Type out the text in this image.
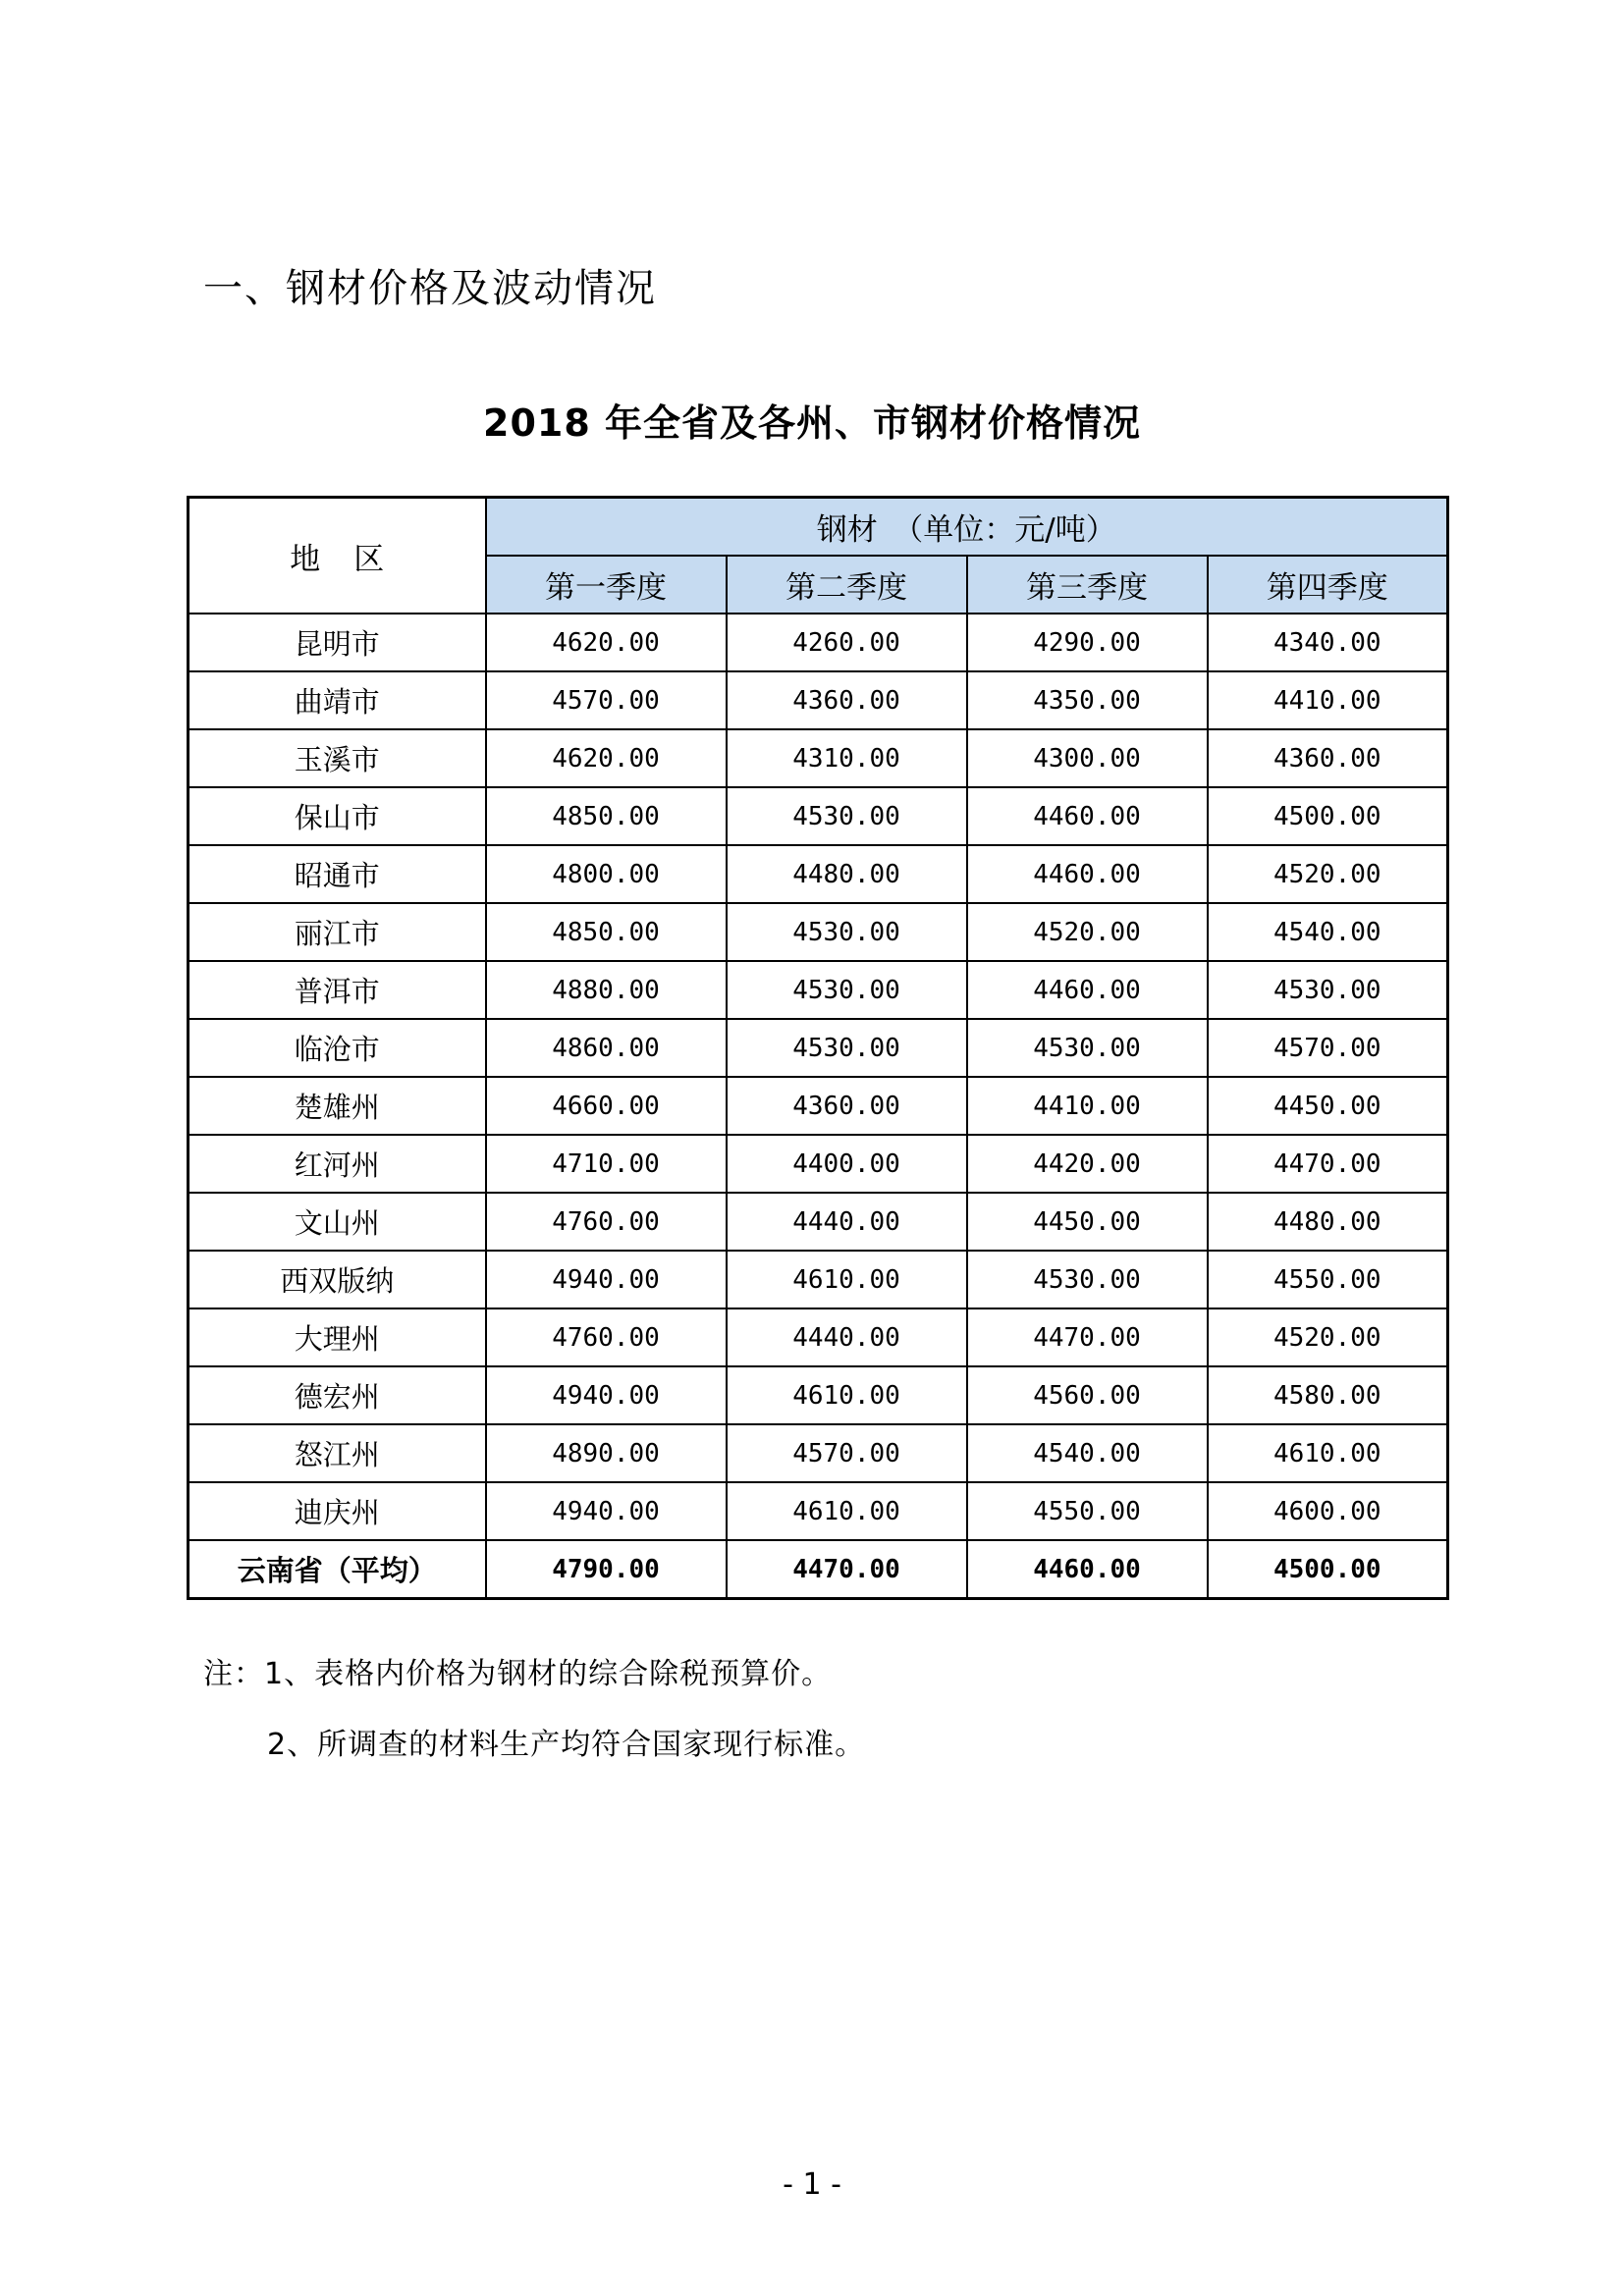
一、钢材价格及波动情况
2018 年全省及各州、市钢材价格情况
地区	钢材　（单位：元/吨）			
	第一季度	第二季度	第三季度	第四季度
昆明市	4620.00	4260.00	4290.00	4340.00
曲靖市	4570.00	4360.00	4350.00	4410.00
玉溪市	4620.00	4310.00	4300.00	4360.00
保山市	4850.00	4530.00	4460.00	4500.00
昭通市	4800.00	4480.00	4460.00	4520.00
丽江市	4850.00	4530.00	4520.00	4540.00
普洱市	4880.00	4530.00	4460.00	4530.00
临沧市	4860.00	4530.00	4530.00	4570.00
楚雄州	4660.00	4360.00	4410.00	4450.00
红河州	4710.00	4400.00	4420.00	4470.00
文山州	4760.00	4440.00	4450.00	4480.00
西双版纳	4940.00	4610.00	4530.00	4550.00
大理州	4760.00	4440.00	4470.00	4520.00
德宏州	4940.00	4610.00	4560.00	4580.00
怒江州	4890.00	4570.00	4540.00	4610.00
迪庆州	4940.00	4610.00	4550.00	4600.00
云南省（平均）	4790.00	4470.00	4460.00	4500.00

注：1、表格内价格为钢材的综合除税预算价。

2、所调查的材料生产均符合国家现行标准。

- 1 -
